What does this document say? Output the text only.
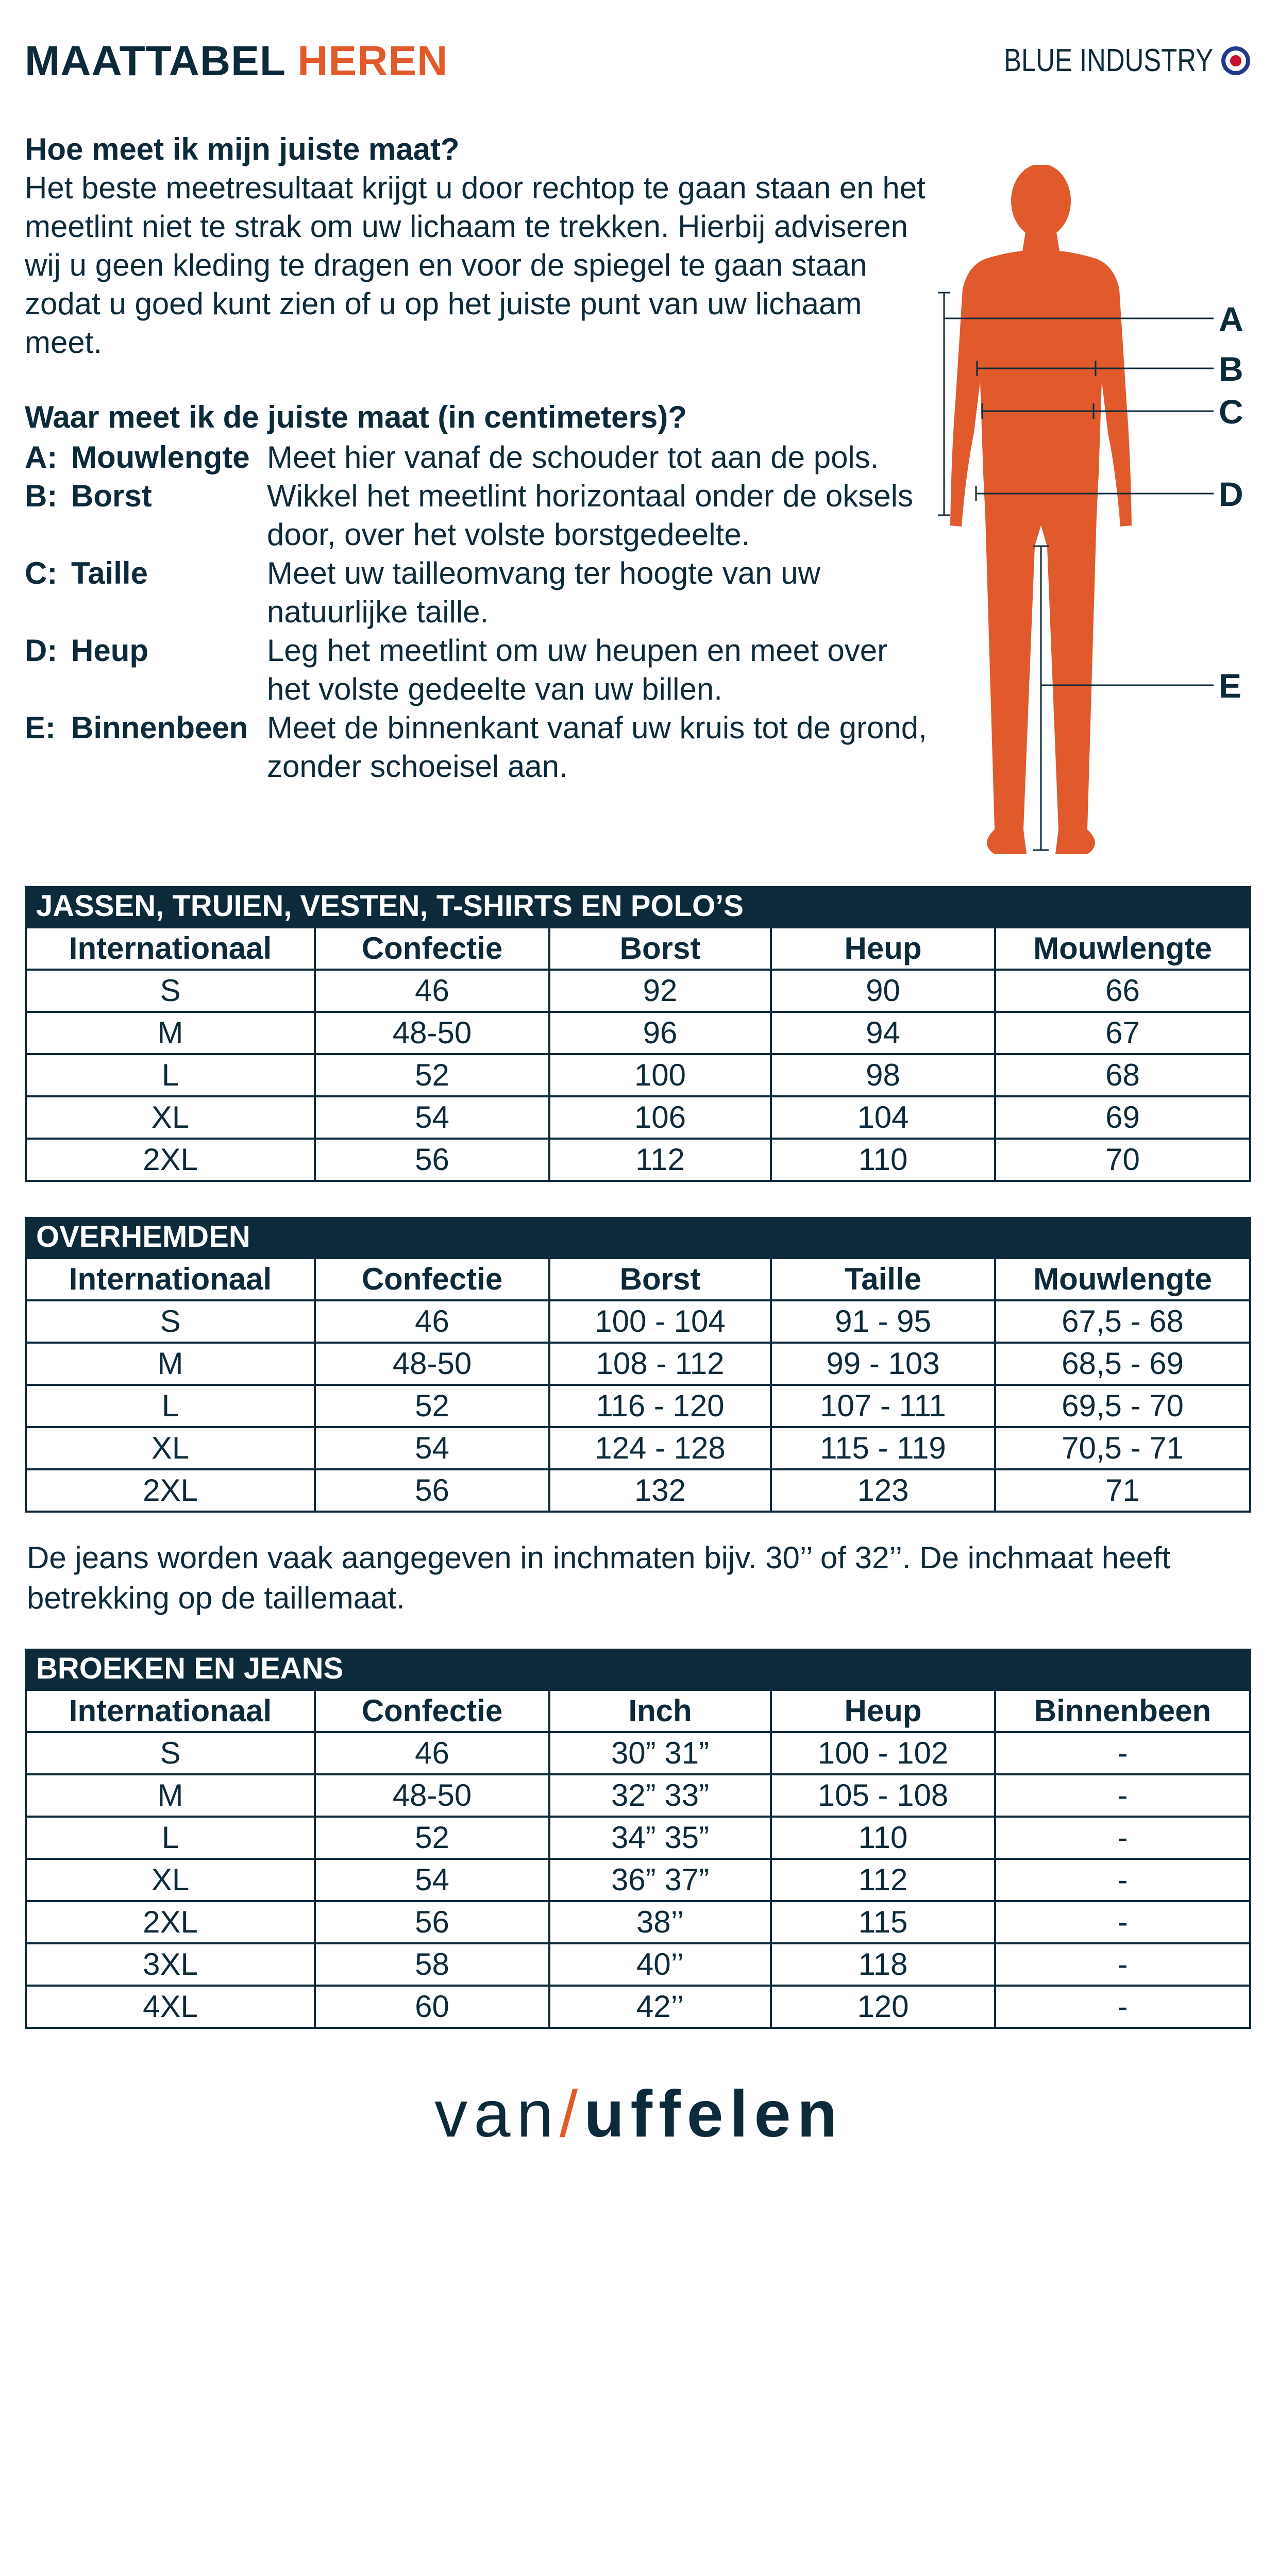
MAATTABEL HEREN	BLUE INDUSTRY
Hoe meet ik mijn juiste maat?

Het beste meetresultaat krijgt u door rechtop te gaan staan en het meetlint niet te strak om uw lichaam te trekken. Hierbij adviseren wij u geen kleding te dragen en voor de spiegel te gaan staan zodat u goed kunt zien of u op het juiste punt van uw lichaam meet.

Waar meet ik de juiste maat (in centimeters)?
A: Mouwlengte Meet hier vanaf de schouder tot aan de pols.
B: Borst	Wikkel het meetlint horizontaal onder de oksels door, over het volste borstgedeelte.
C: Taille	Meet uw tailleomvang ter hoogte van uw natuurlijke taille.
D: Heup	Leg het meetlint om uw heupen en meet over het volste gedeelte van uw billen.
E: Binnenbeen Meet de binnenkant vanaf uw kruis tot de grond, zonder schoeisel aan.
A
B
C
D
E
JASSEN, TRUIEN, VESTEN, T-SHIRTS EN POLO’S
Internationaal	Confectie	Borst	Heup	Mouwlengte
S	46	92	90	66
M	48-50	96	94	67
L	52	100	98	68
XL	54	106	104	69
2XL	56	112	110	70
OVERHEMDEN
Internationaal	Confectie	Borst	Taille	Mouwlengte
S	46	100 - 104	91 - 95	67,5 - 68
M	48-50	108 - 112	99 - 103	68,5 - 69
L	52	116 - 120	107 - 111	69,5 - 70
XL	54	124 - 128	115 - 119	70,5 - 71
2XL	56	132	123	71
De jeans worden vaak aangegeven in inchmaten bijv. 30’’ of 32’’. De inchmaat heeft betrekking op de taillemaat.
BROEKEN EN JEANS
Internationaal	Confectie	Inch	Heup	Binnenbeen
S	46	30” 31”	100 - 102	-
M	48-50	32” 33”	105 - 108	-
L	52	34” 35”	110	-
XL	54	36” 37”	112	-
2XL	56	38’’	115	-
3XL	58	40’’	118	-
4XL	60	42’’	120	-
van/uffelen
